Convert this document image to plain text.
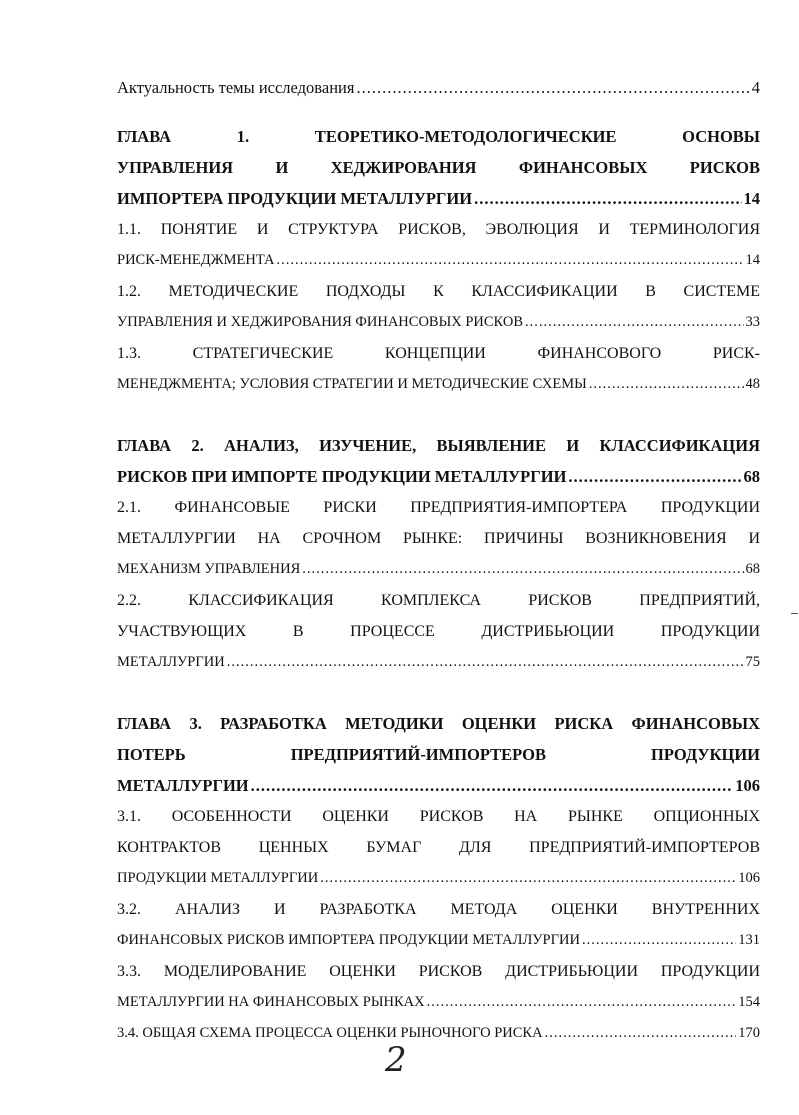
Актуальность темы исследования .....	4
ГЛАВА 1. ТЕОРЕТИКО-МЕТОДОЛОГИЧЕСКИЕ ОСНОВЫ
УПРАВЛЕНИЯ И ХЕДЖИРОВАНИЯ ФИНАНСОВЫХ РИСКОВ
ИМПОРТЕРА ПРОДУКЦИИ МЕТАЛЛУРГИИ .....	14
1.1. ПОНЯТИЕ И СТРУКТУРА РИСКОВ, ЭВОЛЮЦИЯ И ТЕРМИНОЛОГИЯ
РИСК-МЕНЕДЖМЕНТА .....	14
1.2. МЕТОДИЧЕСКИЕ ПОДХОДЫ К КЛАССИФИКАЦИИ В СИСТЕМЕ
УПРАВЛЕНИЯ И ХЕДЖИРОВАНИЯ ФИНАНСОВЫХ РИСКОВ .....	33
1.3. СТРАТЕГИЧЕСКИЕ КОНЦЕПЦИИ ФИНАНСОВОГО РИСК-
МЕНЕДЖМЕНТА; УСЛОВИЯ СТРАТЕГИИ И МЕТОДИЧЕСКИЕ СХЕМЫ .....	48
ГЛАВА 2. АНАЛИЗ, ИЗУЧЕНИЕ, ВЫЯВЛЕНИЕ И КЛАССИФИКАЦИЯ
РИСКОВ ПРИ ИМПОРТЕ ПРОДУКЦИИ МЕТАЛЛУРГИИ .....	68
2.1. ФИНАНСОВЫЕ РИСКИ ПРЕДПРИЯТИЯ-ИМПОРТЕРА ПРОДУКЦИИ
МЕТАЛЛУРГИИ НА СРОЧНОМ РЫНКЕ: ПРИЧИНЫ ВОЗНИКНОВЕНИЯ И
МЕХАНИЗМ УПРАВЛЕНИЯ .....	68
2.2. КЛАССИФИКАЦИЯ КОМПЛЕКСА РИСКОВ ПРЕДПРИЯТИЙ,
УЧАСТВУЮЩИХ В ПРОЦЕССЕ ДИСТРИБЬЮЦИИ ПРОДУКЦИИ
МЕТАЛЛУРГИИ .....	75
ГЛАВА 3. РАЗРАБОТКА МЕТОДИКИ ОЦЕНКИ РИСКА ФИНАНСОВЫХ
ПОТЕРЬ ПРЕДПРИЯТИЙ-ИМПОРТЕРОВ ПРОДУКЦИИ
МЕТАЛЛУРГИИ .....	106
3.1. ОСОБЕННОСТИ ОЦЕНКИ РИСКОВ НА РЫНКЕ ОПЦИОННЫХ
КОНТРАКТОВ ЦЕННЫХ БУМАГ ДЛЯ ПРЕДПРИЯТИЙ-ИМПОРТЕРОВ
ПРОДУКЦИИ МЕТАЛЛУРГИИ .....	106
3.2. АНАЛИЗ И РАЗРАБОТКА МЕТОДА ОЦЕНКИ ВНУТРЕННИХ
ФИНАНСОВЫХ РИСКОВ ИМПОРТЕРА ПРОДУКЦИИ МЕТАЛЛУРГИИ .....	131
3.3. МОДЕЛИРОВАНИЕ ОЦЕНКИ РИСКОВ ДИСТРИБЬЮЦИИ ПРОДУКЦИИ
МЕТАЛЛУРГИИ НА ФИНАНСОВЫХ РЫНКАХ .....	154
3.4. ОБЩАЯ СХЕМА ПРОЦЕССА ОЦЕНКИ РЫНОЧНОГО РИСКА .....	170
2
